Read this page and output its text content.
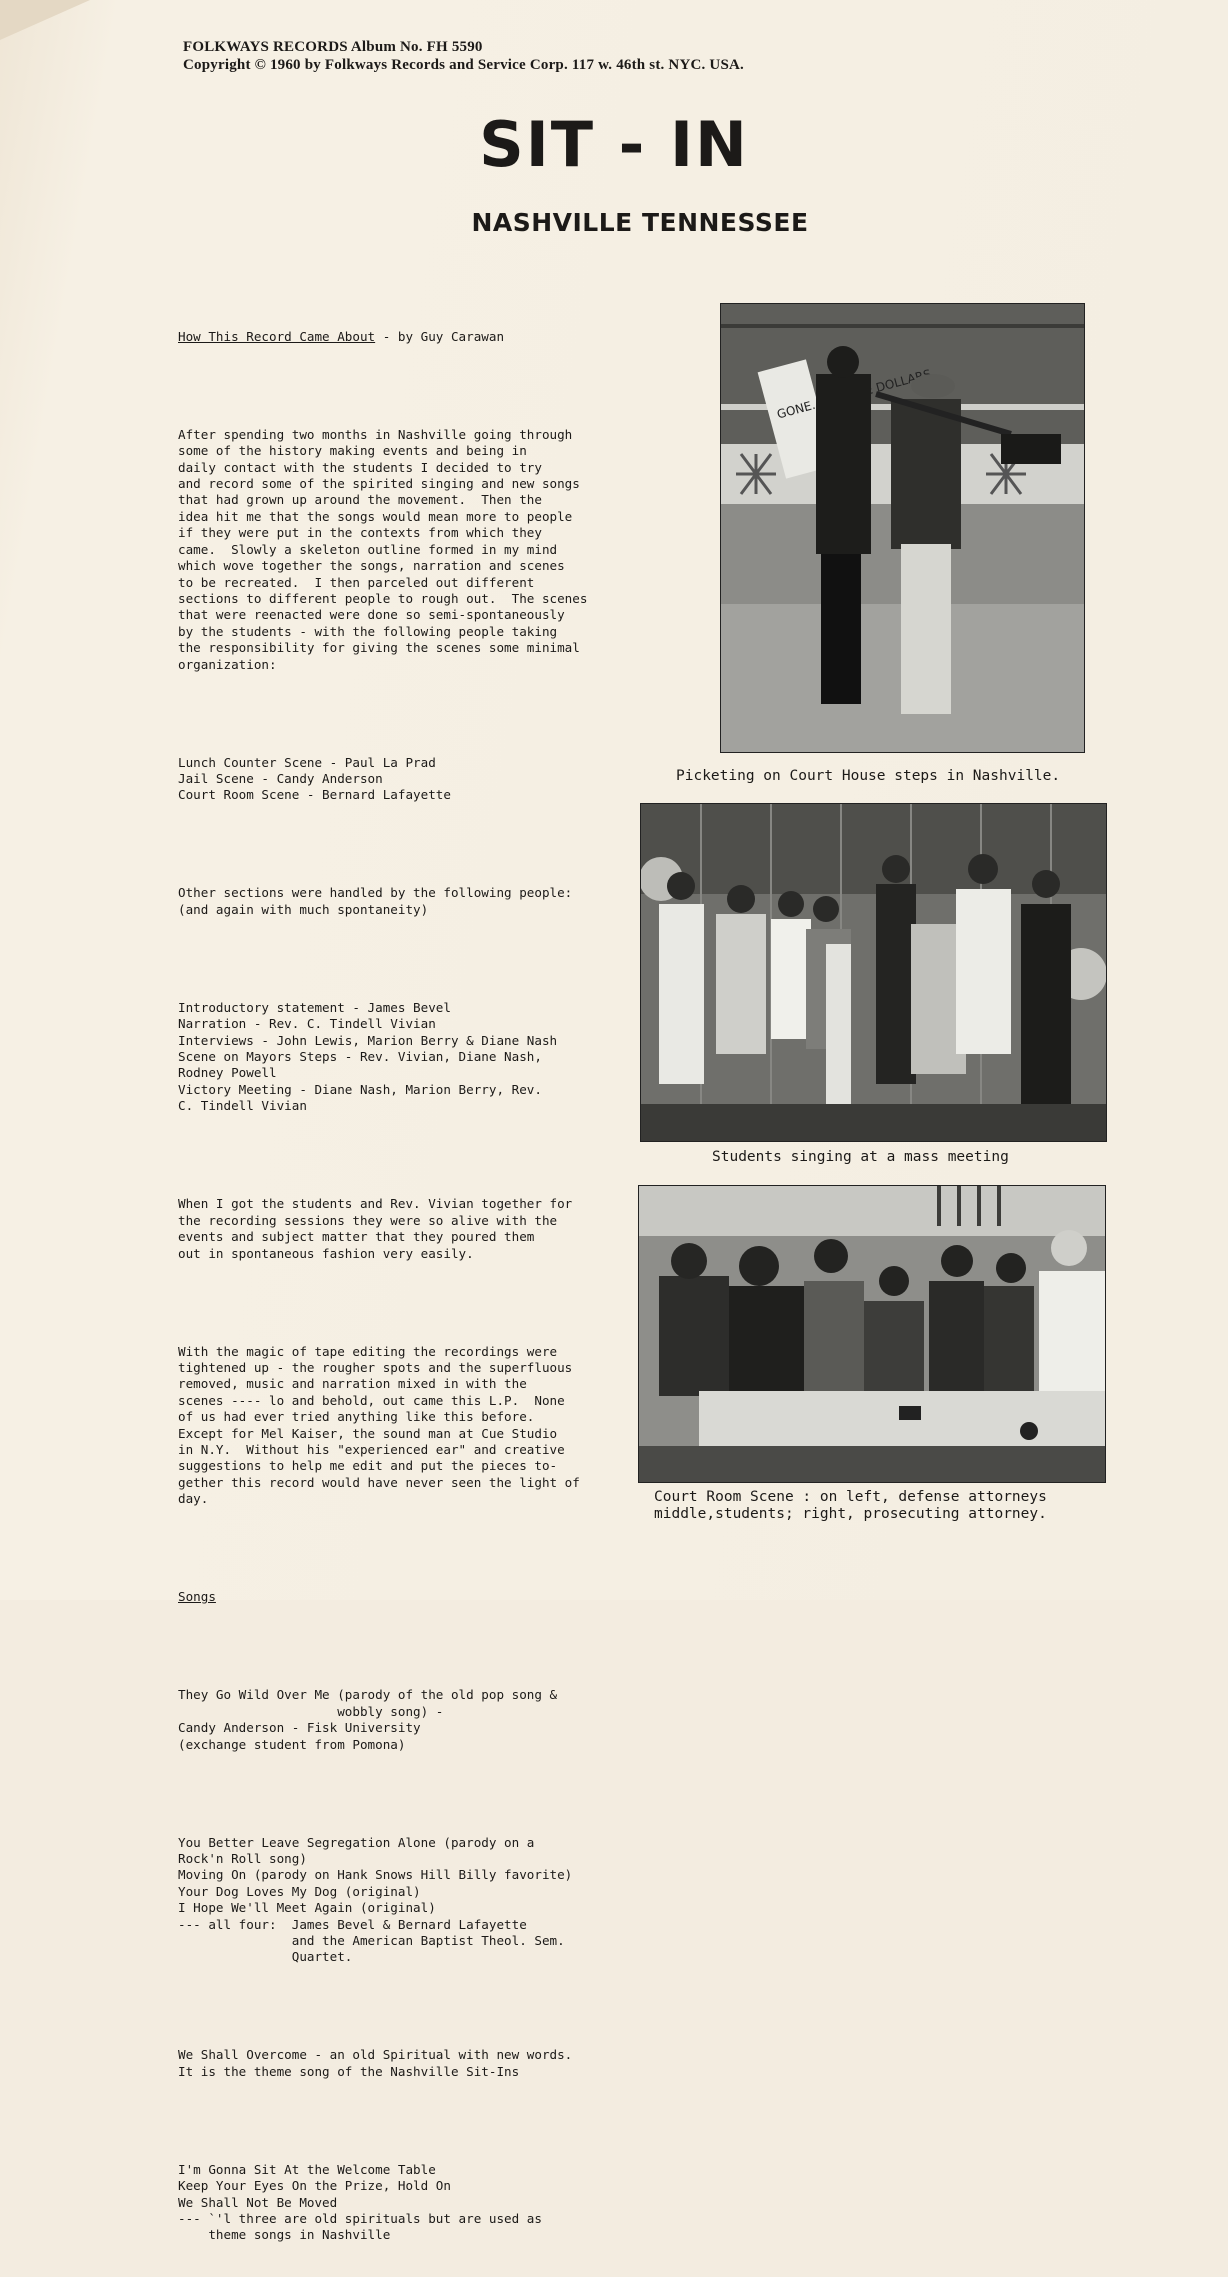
FOLKWAYS RECORDS Album No. FH 5590
Copyright © 1960 by Folkways Records and Service Corp. 117 w. 46th st. NYC. USA.
SIT - IN
NASHVILLE TENNESSEE

How This Record Came About - by Guy Carawan

After spending two months in Nashville going through
some of the history making events and being in
daily contact with the students I decided to try
and record some of the spirited singing and new songs
that had grown up around the movement.  Then the
idea hit me that the songs would mean more to people
if they were put in the contexts from which they
came.  Slowly a skeleton outline formed in my mind
which wove together the songs, narration and scenes
to be recreated.  I then parceled out different
sections to different people to rough out.  The scenes
that were reenacted were done so semi-spontaneously
by the students - with the following people taking
the responsibility for giving the scenes some minimal
organization:

Lunch Counter Scene - Paul La Prad
Jail Scene - Candy Anderson
Court Room Scene - Bernard Lafayette

Other sections were handled by the following people:
(and again with much spontaneity)

Introductory statement - James Bevel
Narration - Rev. C. Tindell Vivian
Interviews - John Lewis, Marion Berry & Diane Nash
Scene on Mayors Steps - Rev. Vivian, Diane Nash,
Rodney Powell
Victory Meeting - Diane Nash, Marion Berry, Rev.
C. Tindell Vivian

When I got the students and Rev. Vivian together for
the recording sessions they were so alive with the
events and subject matter that they poured them
out in spontaneous fashion very easily.

With the magic of tape editing the recordings were
tightened up - the rougher spots and the superfluous
removed, music and narration mixed in with the
scenes ---- lo and behold, out came this L.P.  None
of us had ever tried anything like this before.
Except for Mel Kaiser, the sound man at Cue Studio
in N.Y.  Without his "experienced ear" and creative
suggestions to help me edit and put the pieces to-
gether this record would have never seen the light of
day.

Songs

They Go Wild Over Me (parody of the old pop song &
wobbly song) -
Candy Anderson - Fisk University
(exchange student from Pomona)

You Better Leave Segregation Alone (parody on a
Rock'n Roll song)
Moving On (parody on Hank Snows Hill Billy favorite)
Your Dog Loves My Dog (original)
I Hope We'll Meet Again (original)
--- all four:  James Bevel & Bernard Lafayette
and the American Baptist Theol. Sem.
Quartet.

We Shall Overcome - an old Spiritual with new words.
It is the theme song of the Nashville Sit-Ins

I'm Gonna Sit At the Welcome Table
Keep Your Eyes On the Prize, Hold On
We Shall Not Be Moved
--- `'l three are old spirituals but are used as
theme songs in Nashville

GONE... DOLLARS
Picketing on Court House steps in Nashville.
Students singing at a mass meeting
Court Room Scene : on left, defense attorneys
middle,students; right, prosecuting attorney.
